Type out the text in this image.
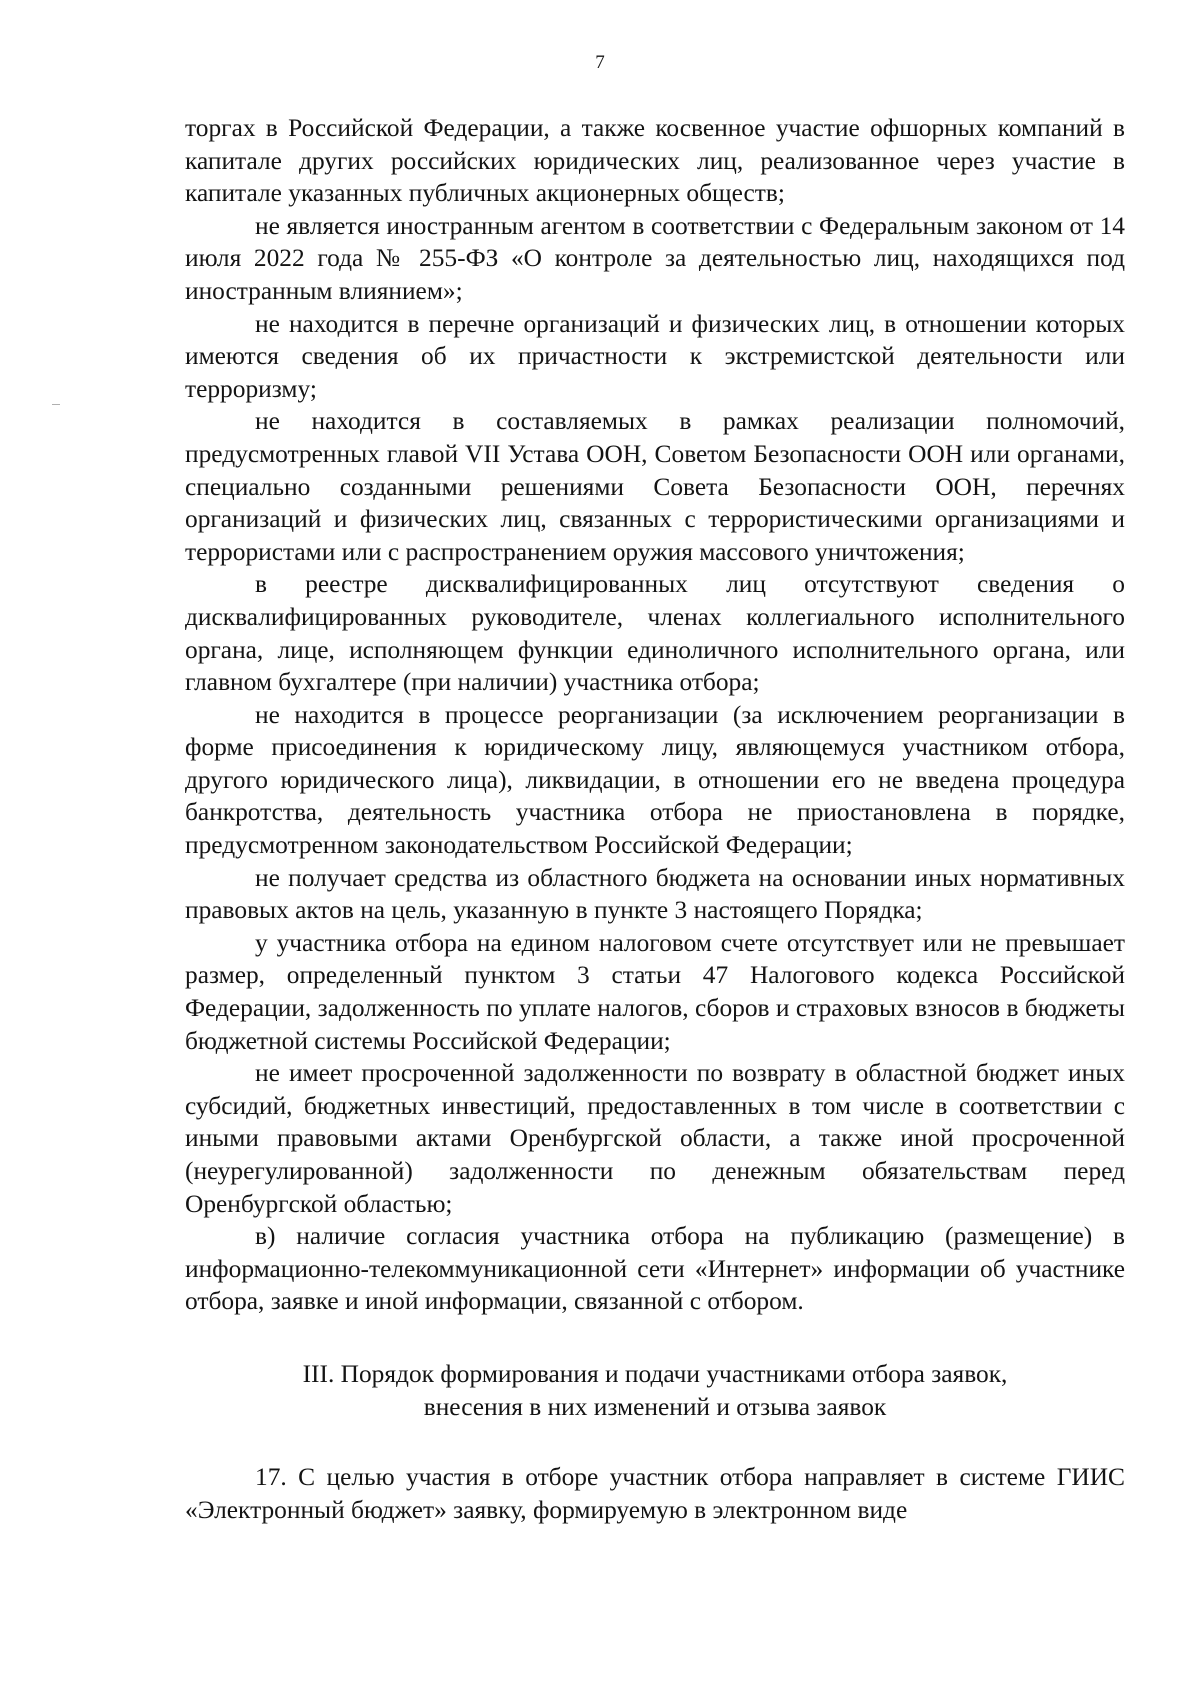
7

торгах в Российской Федерации, а также косвенное участие офшорных компаний в капитале других российских юридических лиц, реализованное через участие в капитале указанных публичных акционерных обществ;

не является иностранным агентом в соответствии с Федеральным законом от 14 июля 2022 года № 255-ФЗ «О контроле за деятельностью лиц, находящихся под иностранным влиянием»;

не находится в перечне организаций и физических лиц, в отношении которых имеются сведения об их причастности к экстремистской деятельности или терроризму;

не находится в составляемых в рамках реализации полномочий, предусмотренных главой VII Устава ООН, Советом Безопасности ООН или органами, специально созданными решениями Совета Безопасности ООН, перечнях организаций и физических лиц, связанных с террористическими организациями и террористами или с распространением оружия массового уничтожения;

в реестре дисквалифицированных лиц отсутствуют сведения о дисквалифицированных руководителе, членах коллегиального исполнительного органа, лице, исполняющем функции единоличного исполнительного органа, или главном бухгалтере (при наличии) участника отбора;

не находится в процессе реорганизации (за исключением реорганизации в форме присоединения к юридическому лицу, являющемуся участником отбора, другого юридического лица), ликвидации, в отношении его не введена процедура банкротства, деятельность участника отбора не приостановлена в порядке, предусмотренном законодательством Российской Федерации;

не получает средства из областного бюджета на основании иных нормативных правовых актов на цель, указанную в пункте 3 настоящего Порядка;

у участника отбора на едином налоговом счете отсутствует или не превышает размер, определенный пунктом 3 статьи 47 Налогового кодекса Российской Федерации, задолженность по уплате налогов, сборов и страховых взносов в бюджеты бюджетной системы Российской Федерации;

не имеет просроченной задолженности по возврату в областной бюджет иных субсидий, бюджетных инвестиций, предоставленных в том числе в соответствии с иными правовыми актами Оренбургской области, а также иной просроченной (неурегулированной) задолженности по денежным обязательствам перед Оренбургской областью;

в) наличие согласия участника отбора на публикацию (размещение) в информационно-телекоммуникационной сети «Интернет» информации об участнике отбора, заявке и иной информации, связанной с отбором.

III. Порядок формирования и подачи участниками отбора заявок,
внесения в них изменений и отзыва заявок

17. С целью участия в отборе участник отбора направляет в системе ГИИС «Электронный бюджет» заявку, формируемую в электронном виде
